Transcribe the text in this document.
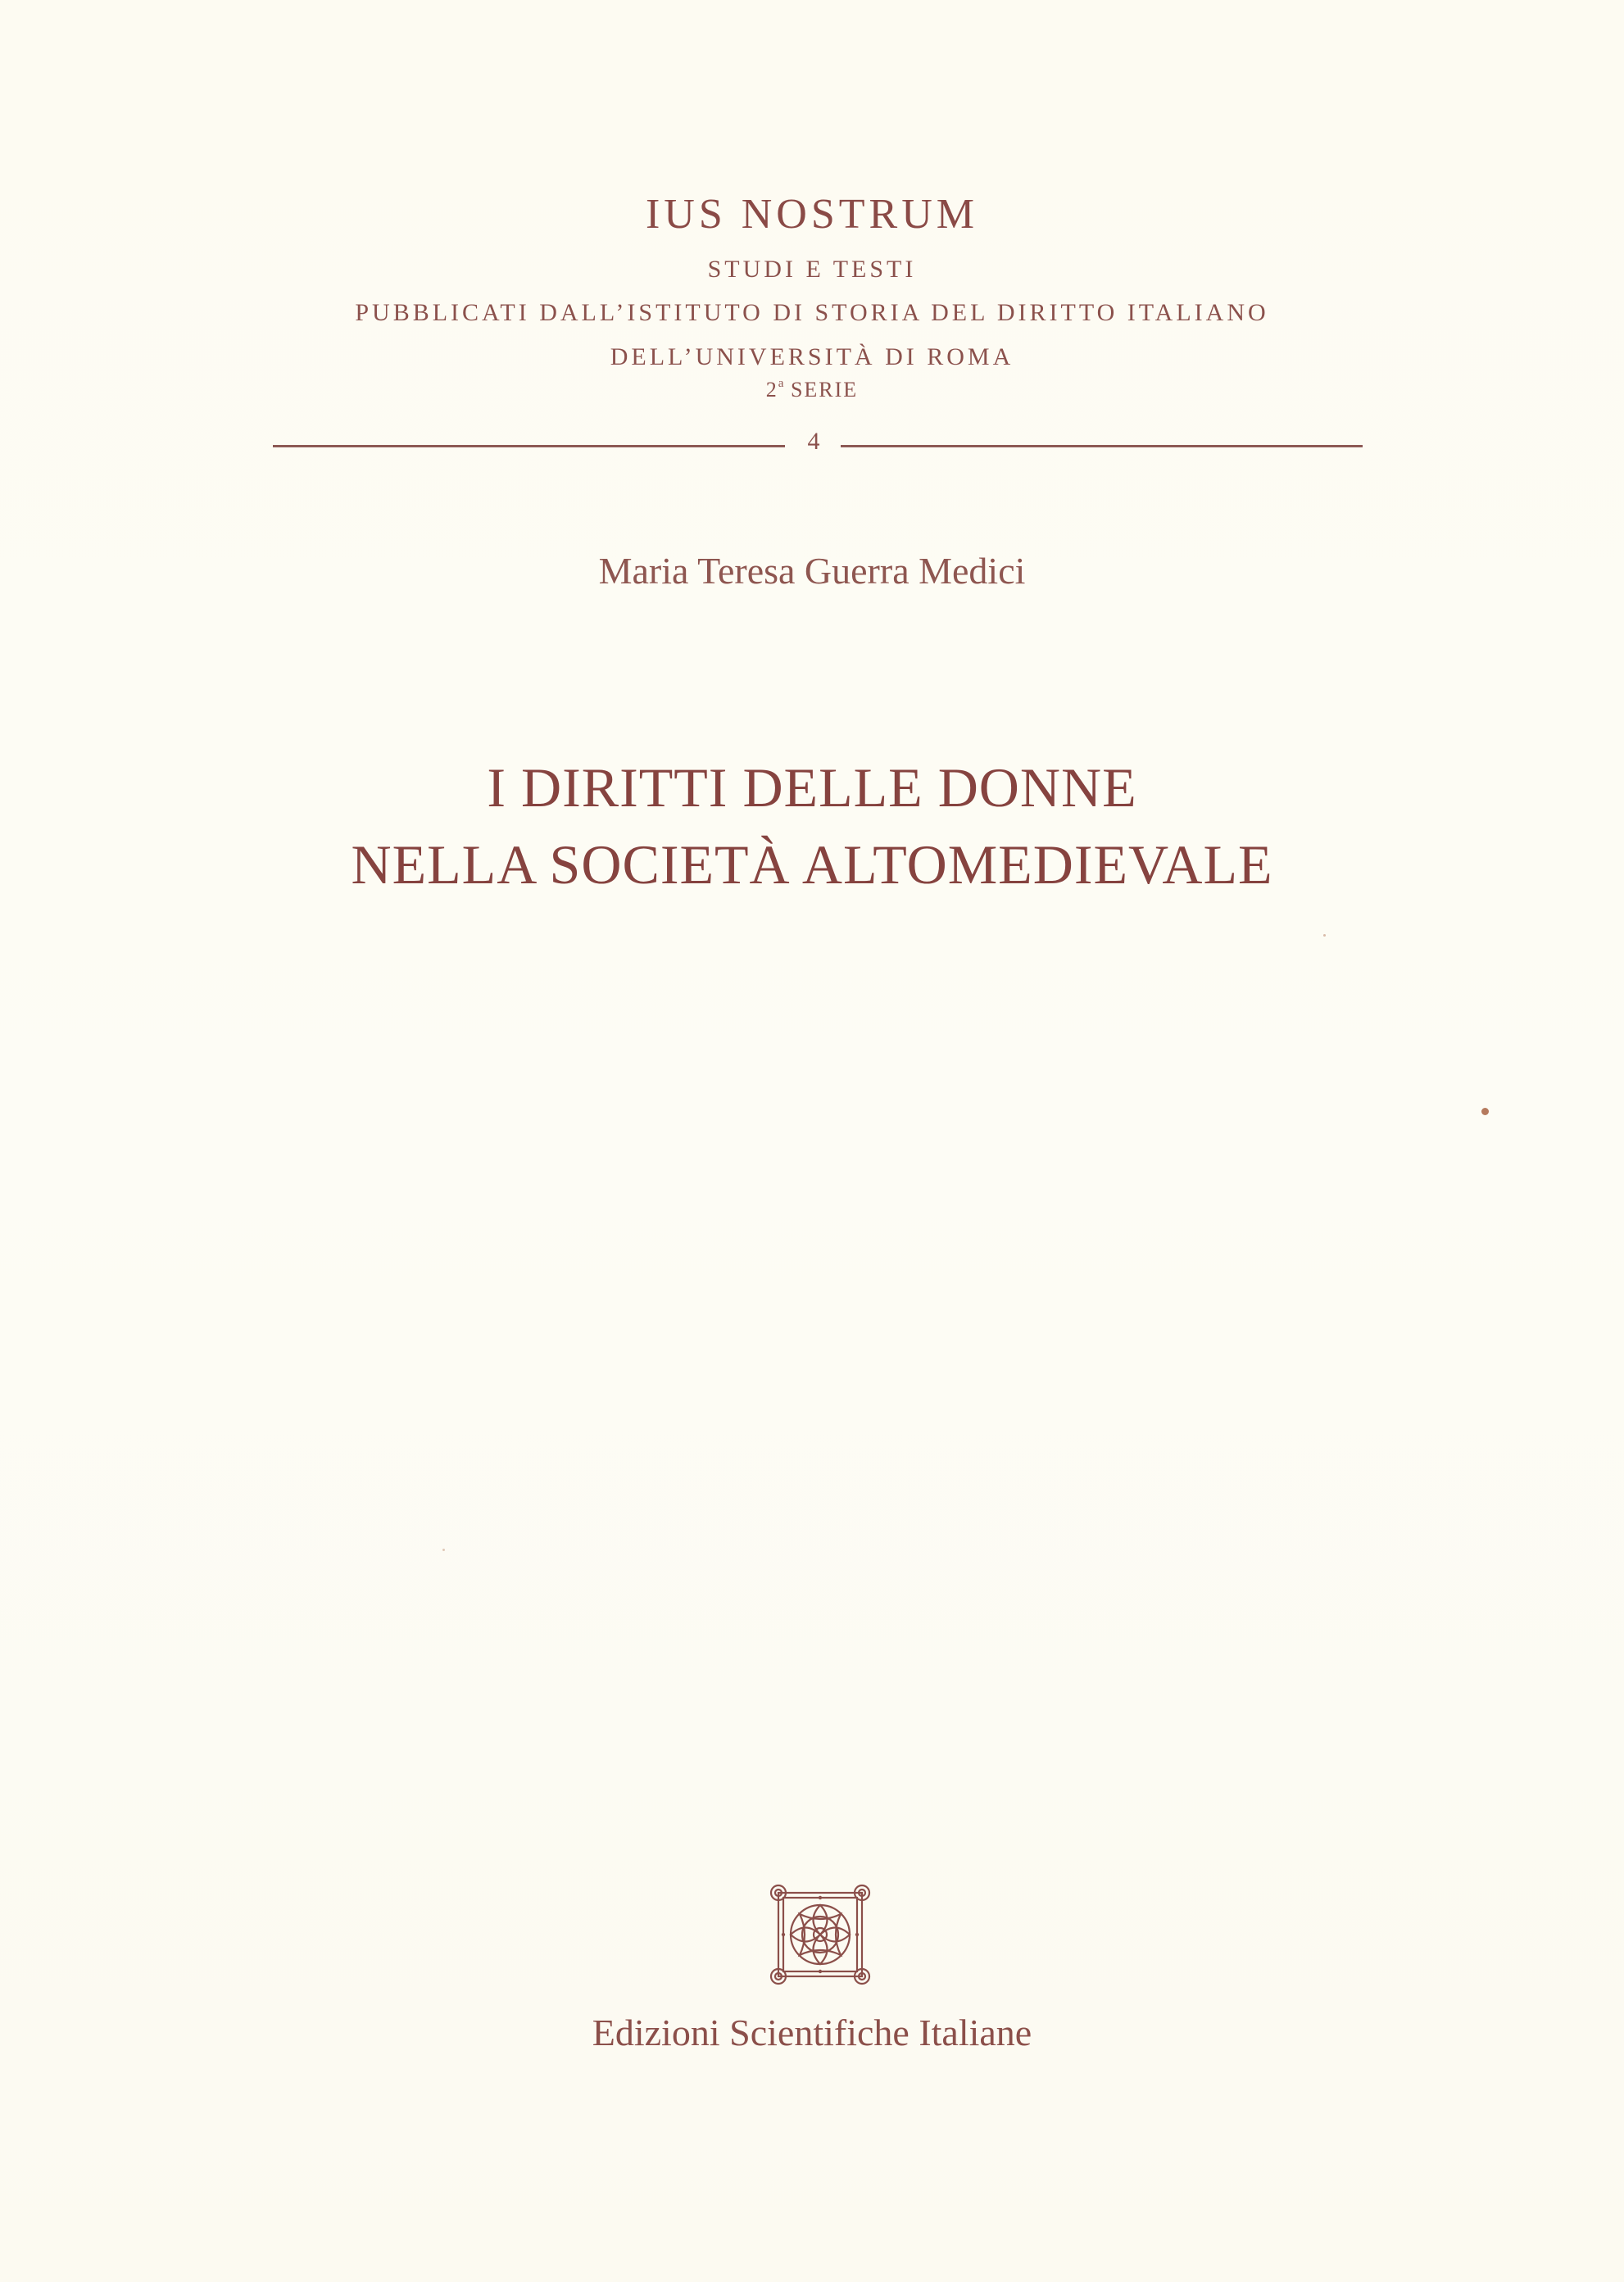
IUS NOSTRUM
STUDI E TESTI
PUBBLICATI DALL’ISTITUTO DI STORIA DEL DIRITTO ITALIANO
DELL’UNIVERSITÀ DI ROMA
2$^a$ SERIE
4
Maria Teresa Guerra Medici
I DIRITTI DELLE DONNE
NELLA SOCIETÀ ALTOMEDIEVALE
Edizioni Scientifiche Italiane
